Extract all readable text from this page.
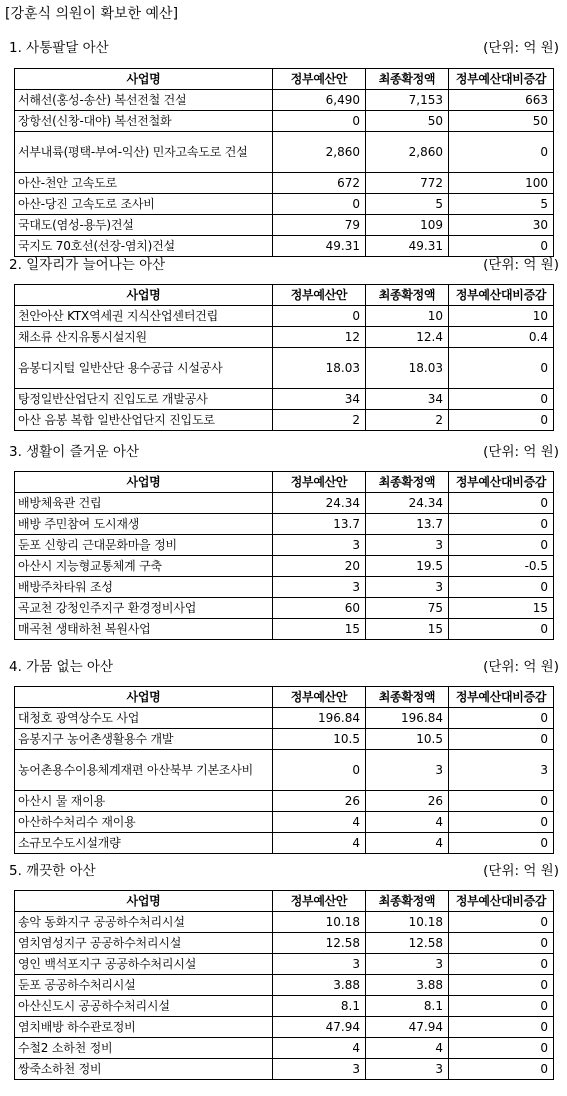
[강훈식 의원이 확보한 예산]
1. 사통팔달 아산	(단위: 억 원)
사업명	정부예산안	최종확정액	정부예산대비증감
서해선(홍성-송산) 복선전철 건설	6,490	7,153	663
장항선(신창-대야) 복선전철화	0	50	50
서부내륙(평택-부여-익산) 민자고속도로 건설	2,860	2,860	0
아산-천안 고속도로	672	772	100
아산-당진 고속도로 조사비	0	5	5
국대도(염성-용두)건설	79	109	30
국지도 70호선(선장-염치)건설	49.31	49.31	0
2. 일자리가 늘어나는 아산	(단위: 억 원)
사업명	정부예산안	최종확정액	정부예산대비증감
천안아산 KTX역세권 지식산업센터건립	0	10	10
채소류 산지유통시설지원	12	12.4	0.4
음봉디지털 일반산단 용수공급 시설공사	18.03	18.03	0
탕정일반산업단지 진입도로 개발공사	34	34	0
아산 음봉 복합 일반산업단지 진입도로	2	2	0
3. 생활이 즐거운 아산	(단위: 억 원)
사업명	정부예산안	최종확정액	정부예산대비증감
배방체육관 건립	24.34	24.34	0
배방 주민참여 도시재생	13.7	13.7	0
둔포 신항리 근대문화마을 정비	3	3	0
아산시 지능형교통체계 구축	20	19.5	-0.5
배방주차타워 조성	3	3	0
곡교천 강청인주지구 환경정비사업	60	75	15
매곡천 생태하천 복원사업	15	15	0
4. 가뭄 없는 아산	(단위: 억 원)
사업명	정부예산안	최종확정액	정부예산대비증감
대청호 광역상수도 사업	196.84	196.84	0
음봉지구 농어촌생활용수 개발	10.5	10.5	0
농어촌용수이용체계재편 아산북부 기본조사비	0	3	3
아산시 물 재이용	26	26	0
아산하수처리수 재이용	4	4	0
소규모수도시설개량	4	4	0
5. 깨끗한 아산	(단위: 억 원)
사업명	정부예산안	최종확정액	정부예산대비증감
송악 동화지구 공공하수처리시설	10.18	10.18	0
염치염성지구 공공하수처리시설	12.58	12.58	0
영인 백석포지구 공공하수처리시설	3	3	0
둔포 공공하수처리시설	3.88	3.88	0
아산신도시 공공하수처리시설	8.1	8.1	0
염치배방 하수관로정비	47.94	47.94	0
수철2 소하천 정비	4	4	0
쌍죽소하천 정비	3	3	0
